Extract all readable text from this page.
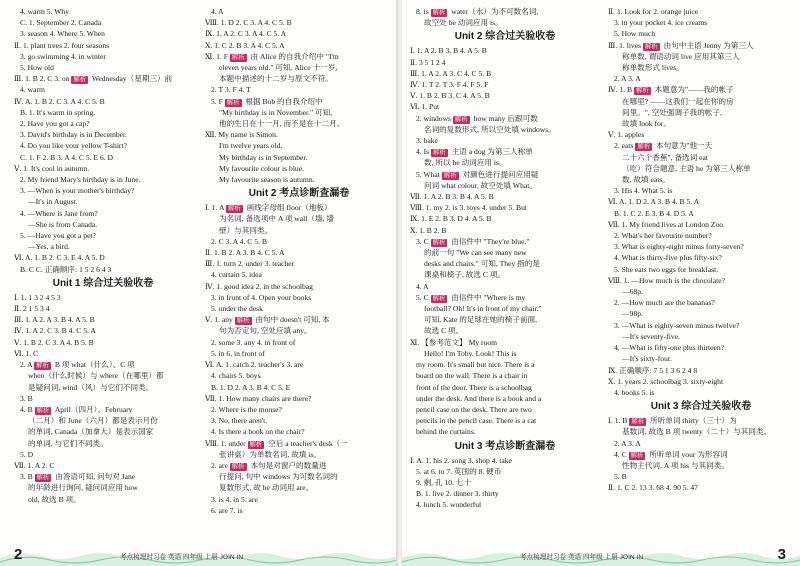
4. warm 5. Why
C. 1. September 2. Canada
3. season 4. Where 5. When
Ⅱ. 1. plant trees 2. four seasons
3. go swimming 4. in winter
5. How old
Ⅲ. 1. B 2. C 3. on 解析 Wednesday（星期三）前
4. warm
Ⅳ. A. 1. B 2. C 3. A 4. C 5. B
B. 1. It's warm in spring.
2. Have you got a cap?
3. David's birthday is in December.
4. Do you like your yellow T-shirt?
C. 1. F 2. B 3. A 4. C 5. E 6. D
Ⅴ. 1. It's cool in autumn.
2. My friend Mary's birthday is in June.
3. —When is your mother's birthday?
—It's in August.
4. —Where is Jane from?
—She is from Canada.
5. —Have you got a pet?
—Yes, a bird.
Ⅵ. A. 1. B 2. C 3. E 4. A 5. D
B. C C. 正确顺序: 1 5 2 6 4 3
Unit 1 综合过关验收卷
Ⅰ. 1. 1 3 2 4 5 3
Ⅱ. 2 1 5 3 4
Ⅲ. 1. A 2. A 3. B 4. A 5. B
Ⅳ. 1. A 2. C 3. B 4. C 5. A
Ⅴ. 1. B 2. C 3. A 4. B 5. B
Ⅵ. 1. C
2. A 解析 B 项 what（什么）、C 项
when（什么时候）与 where（在哪里）都
是疑问词, wind（风）与它们不同类。
3. B
4. B 解析 April（四月）、February
（二月）和 June（六月）都是表示月份
的单词, Canada（加拿大）是表示国家
的单词, 与它们不同类。
5. D
Ⅶ. 1. A 2. C
3. B 解析 由答语可知, 问句对 Jane
的年龄进行询问, 疑问词应用 how
old, 故选 B 项。
4. A
Ⅷ. 1. D 2. C 3. A 4. C 5. B
Ⅸ. 1. A 2. C 3. A 4. C 5. A
Ⅹ. 1. C 2. B 3. A 4. C 5. A
Ⅺ. 1. F 解析 由 Alice 的自我介绍中 "I'm
eleven years old." 可知, Alice 十一岁,
本题中描述的十二岁与原文不符。
2. T 3. F 4. T
5. F 解析 根据 Bob 的自我介绍中
"My birthday is in November." 可知,
他的生日在十一月, 而不是在十二月。
Ⅻ. My name is Simon.
I'm twelve years old.
My birthday is in September.
My favourite colour is blue.
My favourite season is autumn.
Unit 2 考点诊断查漏卷
Ⅰ. 1. A 解析 画线字母组 floor（地板）
为名词, 备选项中 A 项 wall（墙, 墙
壁）与其同类。
2. C 3. A 4. C 5. B
Ⅱ. 1. B 2. A 3. B 4. C 5. A
Ⅲ. 1. turn 2. under 3. teacher
4. curtain 5. idea
Ⅳ. 1. good idea 2. in the schoolbag
3. in front of 4. Open your books
5. under the desk
Ⅴ. 1. any 解析 由句中 doesn't 可知, 本
句为否定句, 空处应填 any。
2. some 3. any 4. in front of
5. in 6. in front of
Ⅵ. A. 1. catch 2. teacher's 3. are
4. chairs 5. boys
B. 1. D 2. A 3. B 4. C 5. E
Ⅶ. 1. How many chairs are there?
2. Where is the mouse?
3. No, there aren't.
4. Is there a book on the chair?
Ⅷ. 1. under 解析 空后 a teacher's desk（一
张讲桌）为单数名词, 故填 is。
2. are 解析 本句是对窗户的数量进
行提问, 句中 windows 为可数名词的
复数形式, 故 be 动词用 are。
3. is 4. in 5. are
6. are 7. is
2	考点梳理时习卷 英语 四年级 上册 JOIN IN
8. is 解析 water（水）为不可数名词,
故空处 be 动词应用 is。
Unit 2 综合过关验收卷
Ⅰ. 1. A 2. B 3. B 4. A 5. B
Ⅱ. 3 5 1 2 4
Ⅲ. 1. A 2. A 3. C 4. C 5. B
Ⅳ. 1. T 2. T 3. F 4. F 5. F
Ⅴ. 1. B 2. B 3. C 4. A 5. B
Ⅵ. 1. Put
2. windows 解析 how many 后跟可数
名词的复数形式, 所以空处填 windows。
3. bake
4. Is 解析 主语 a dog 为第三人称单
数, 所以 be 动词应用 is。
5. What 解析 对颜色进行提问应用疑
问词 what colour, 故空处填 What。
Ⅶ. 1. A 2. B 3. B 4. A 5. B
Ⅷ. 1. my 2. is 3. toys 4. under 5. But
Ⅸ. 1. E 2. B 3. D 4. A 5. B
Ⅹ. 1. B 2. B
3. C 解析 由信件中 "They're blue."
的前一句 "We can see many new
desks and chairs." 可知, They 指的是
课桌和椅子, 故选 C 项。
4. A
5. C 解析 由信件中 "Where is my
football? Oh! It's in front of my chair."
可知, Kate 的足球在她的椅子前面,
故选 C 项。
Ⅺ. 【参考范文】 My room
Hello! I'm Toby. Look! This is
my room. It's small but nice. There is a
board on the wall. There is a chair in
front of the door. There is a schoolbag
under the desk. And there is a book and a
pencil case on the desk. There are two
pencils in the pencil case. There is a cat
behind the curtains.
Unit 3 考点诊断查漏卷
Ⅰ. A. 1. his 2. song 3. shop 4. take
5. at 6. to 7. 英国的 8. 硬币
9. 剩, 孔 10. 七十
B. 1. live 2. dinner 3. thirty
4. lunch 5. wonderful
Ⅱ. 1. Look for 2. orange juice
3. in your pocket 4. ice creams
5. How much
Ⅲ. 1. lives 解析 由句中主语 Jenny 为第三人
称单数, 谓语动词 live 应用其第三人
称单数形式 lives。
2. A 3. A
Ⅳ. 1. B 解析 本题意为"——我的帐子
在哪里? ——这我们一起在你的房
间里。", 空处强调子我的帐子,
故填 look for。
Ⅴ. 1. apples
2. eats 解析 本句意为"他一天
二十六个香蕉", 备选词 eat
（吃）符合题意, 主语 he 为第三人称单
数, 故填 eats。
3. His 4. What 5. is
Ⅵ. A. 1. D 2. A 3. B 4. B 5. A
B. 1. C 2. E 3. B 4. D 5. A
Ⅶ. 1. My friend lives at London Zoo.
2. What's her favourite number?
3. What is eighty-eight minus forty-seven?
4. What is thirty-five plus fifty-six?
5. She eats two eggs for breakfast.
Ⅷ. 1. —How much is the chocolate?
—68p.
2. —How much are the bananas?
—98p.
3. —What is eighty-seven minus twelve?
—It's seventy-five.
4. —What is fifty-one plus thirteen?
—It's sixty-four.
Ⅸ. 正确顺序: 7 5 1 3 6 2 4 8
Ⅹ. 1. years 2. schoolbag 3. sixty-eight
4. books 5. is
Unit 3 综合过关验收卷
Ⅰ. 1. B 解析 所听单词 thirty（三十）为
基数词, 故选 B 项 twenty（二十）与其同类。
2. A 3. A
4. C 解析 所听单词 your 为形容词
性物主代词, A 项 his 与其同类。
5. B
Ⅱ. 1. C 2. 13 3. 68 4. 90 5. 47
考点梳理时习卷 英语 四年级 上册 JOIN IN	3
